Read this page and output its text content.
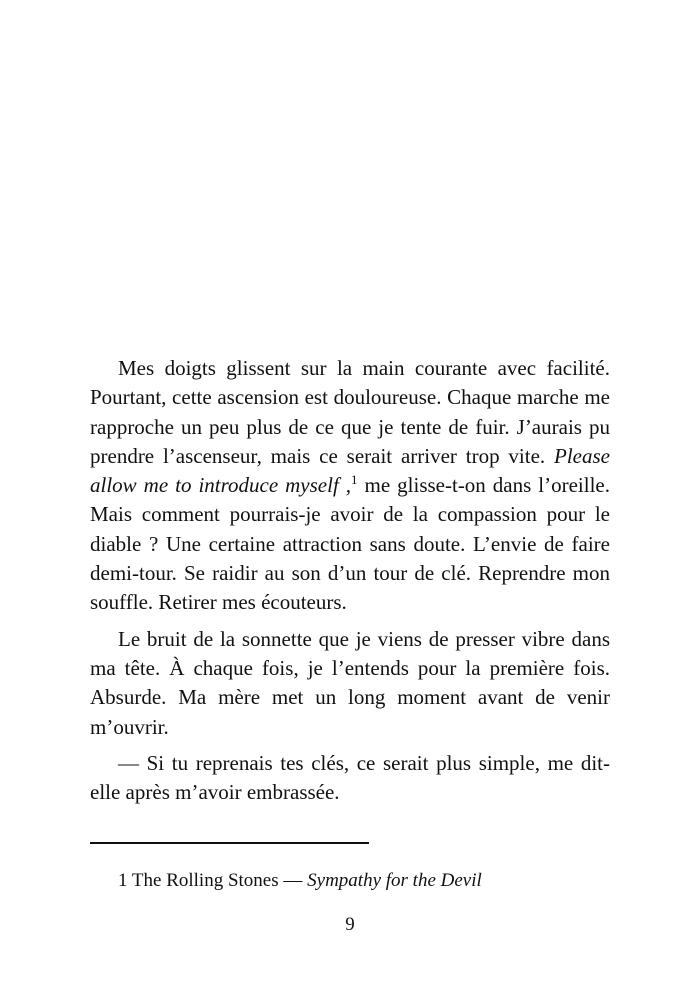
Mes doigts glissent sur la main courante avec facilité. Pourtant, cette ascension est douloureuse. Chaque marche me rapproche un peu plus de ce que je tente de fuir. J’aurais pu prendre l’ascenseur, mais ce serait arriver trop vite. Please allow me to introduce myself ,$^1$ me glisse-t-on dans l’oreille. Mais comment pourrais-je avoir de la compassion pour le diable ? Une certaine attraction sans doute. L’envie de faire demi-tour. Se raidir au son d’un tour de clé. Reprendre mon souffle. Retirer mes écouteurs.

Le bruit de la sonnette que je viens de presser vibre dans ma tête. À chaque fois, je l’entends pour la première fois. Absurde. Ma mère met un long moment avant de venir m’ouvrir.

— Si tu reprenais tes clés, ce serait plus simple, me dit-elle après m’avoir embrassée.

1 The Rolling Stones — Sympathy for the Devil
9
